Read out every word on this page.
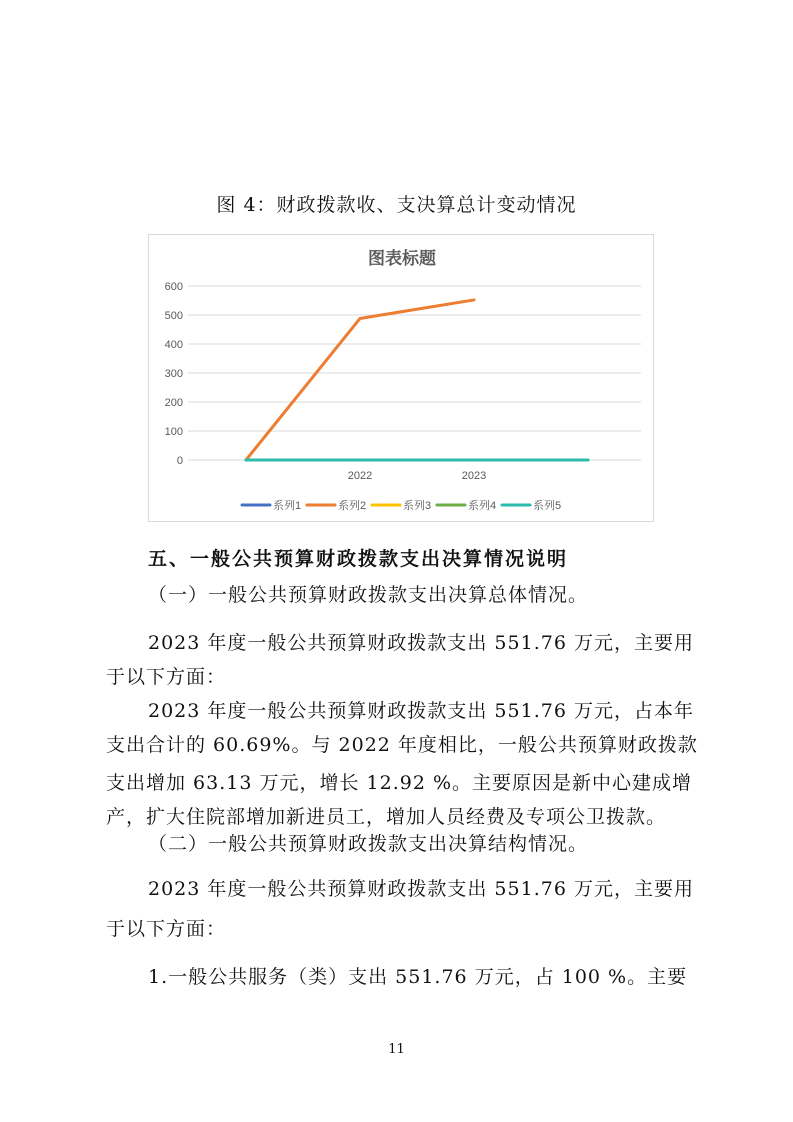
图 4：财政拨款收、支决算总计变动情况
图表标题
0
100
200
300
400
500
600
2022	2023
系列1	系列2	系列3	系列4	系列5
五、一般公共预算财政拨款支出决算情况说明
（一）一般公共预算财政拨款支出决算总体情况。
2023 年度一般公共预算财政拨款支出 551.76 万元，主要用
于以下方面：
2023 年度一般公共预算财政拨款支出 551.76 万元，占本年
支出合计的 60.69%。与 2022 年度相比，一般公共预算财政拨款
支出增加 63.13 万元，增长 12.92 %。主要原因是新中心建成增
产，扩大住院部增加新进员工，增加人员经费及专项公卫拨款。
（二）一般公共预算财政拨款支出决算结构情况。
2023 年度一般公共预算财政拨款支出 551.76 万元，主要用
于以下方面：
1.一般公共服务（类）支出 551.76 万元，占 100 %。主要
11
